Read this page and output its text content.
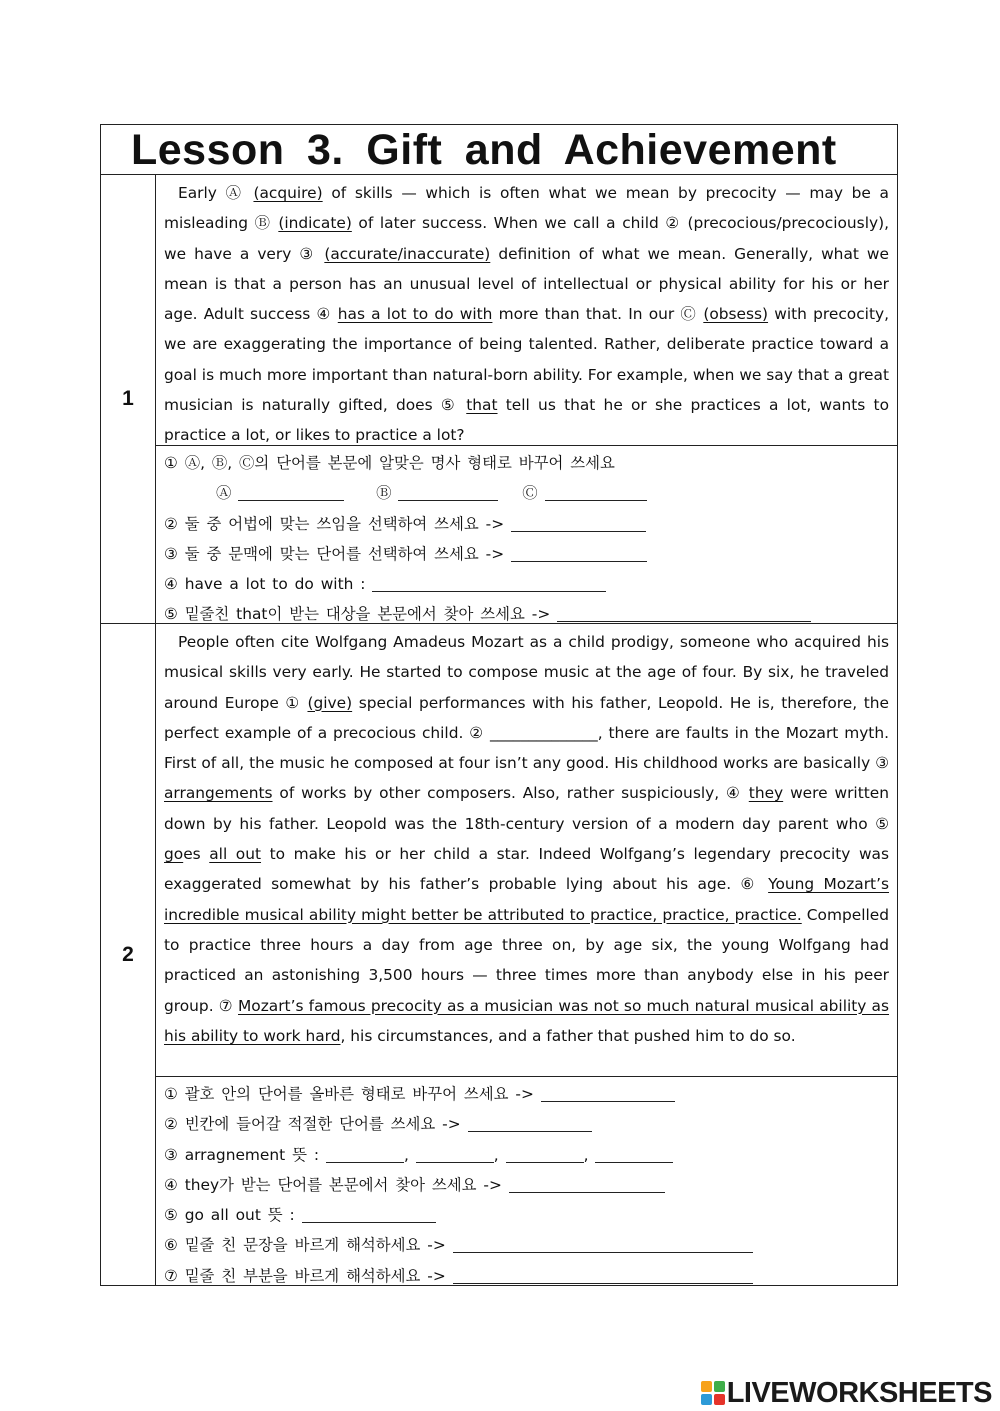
Lesson 3. Gift and Achievement
1
Early Ⓐ (acquire) of skills — which is often what we mean by precocity — may be a misleading Ⓑ (indicate) of later success. When we call a child ② (precocious/precociously), we have a very ③ (accurate/inaccurate) definition of what we mean. Generally, what we mean is that a person has an unusual level of intellectual or physical ability for his or her age. Adult success ④ has a lot to do with more than that. In our Ⓒ (obsess) with precocity, we are exaggerating the importance of being talented. Rather, deliberate practice toward a goal is much more important than natural-born ability. For example, when we say that a great musician is naturally gifted, does ⑤ that tell us that he or she practices a lot, wants to practice a lot, or likes to practice a lot?
① Ⓐ, Ⓑ, Ⓒ의 단어를 본문에 알맞은 명사 형태로 바꾸어 쓰세요
Ⓐ	Ⓑ	Ⓒ
② 둘 중 어법에 맞는 쓰임을 선택하여 쓰세요 ->
③ 둘 중 문맥에 맞는 단어를 선택하여 쓰세요 ->
④ have a lot to do with :
⑤ 밑줄친 that이 받는 대상을 본문에서 찾아 쓰세요 ->
2
People often cite Wolfgang Amadeus Mozart as a child prodigy, someone who acquired his musical skills very early. He started to compose music at the age of four. By six, he traveled around Europe ① (give) special performances with his father, Leopold. He is, therefore, the perfect example of a precocious child. ② ______________, there are faults in the Mozart myth. First of all, the music he composed at four isn’t any good. His childhood works are basically ③ arrangements of works by other composers. Also, rather suspiciously, ④ they were written down by his father. Leopold was the 18th-century version of a modern day parent who ⑤ goes all out to make his or her child a star. Indeed Wolfgang’s legendary precocity was exaggerated somewhat by his father’s probable lying about his age. ⑥ Young Mozart’s incredible musical ability might better be attributed to practice, practice, practice. Compelled to practice three hours a day from age three on, by age six, the young Wolfgang had practiced an astonishing 3,500 hours — three times more than anybody else in his peer group. ⑦ Mozart’s famous precocity as a musician was not so much natural musical ability as his ability to work hard, his circumstances, and a father that pushed him to do so.
① 괄호 안의 단어를 올바른 형태로 바꾸어 쓰세요 ->
② 빈칸에 들어갈 적절한 단어를 쓰세요 ->
③ arragnement 뜻 :	,	,	,
④ they가 받는 단어를 본문에서 찾아 쓰세요 ->
⑤ go all out 뜻 :
⑥ 밑줄 친 문장을 바르게 해석하세요 ->
⑦ 밑줄 친 부분을 바르게 해석하세요 ->
LIVEWORKSHEETS
